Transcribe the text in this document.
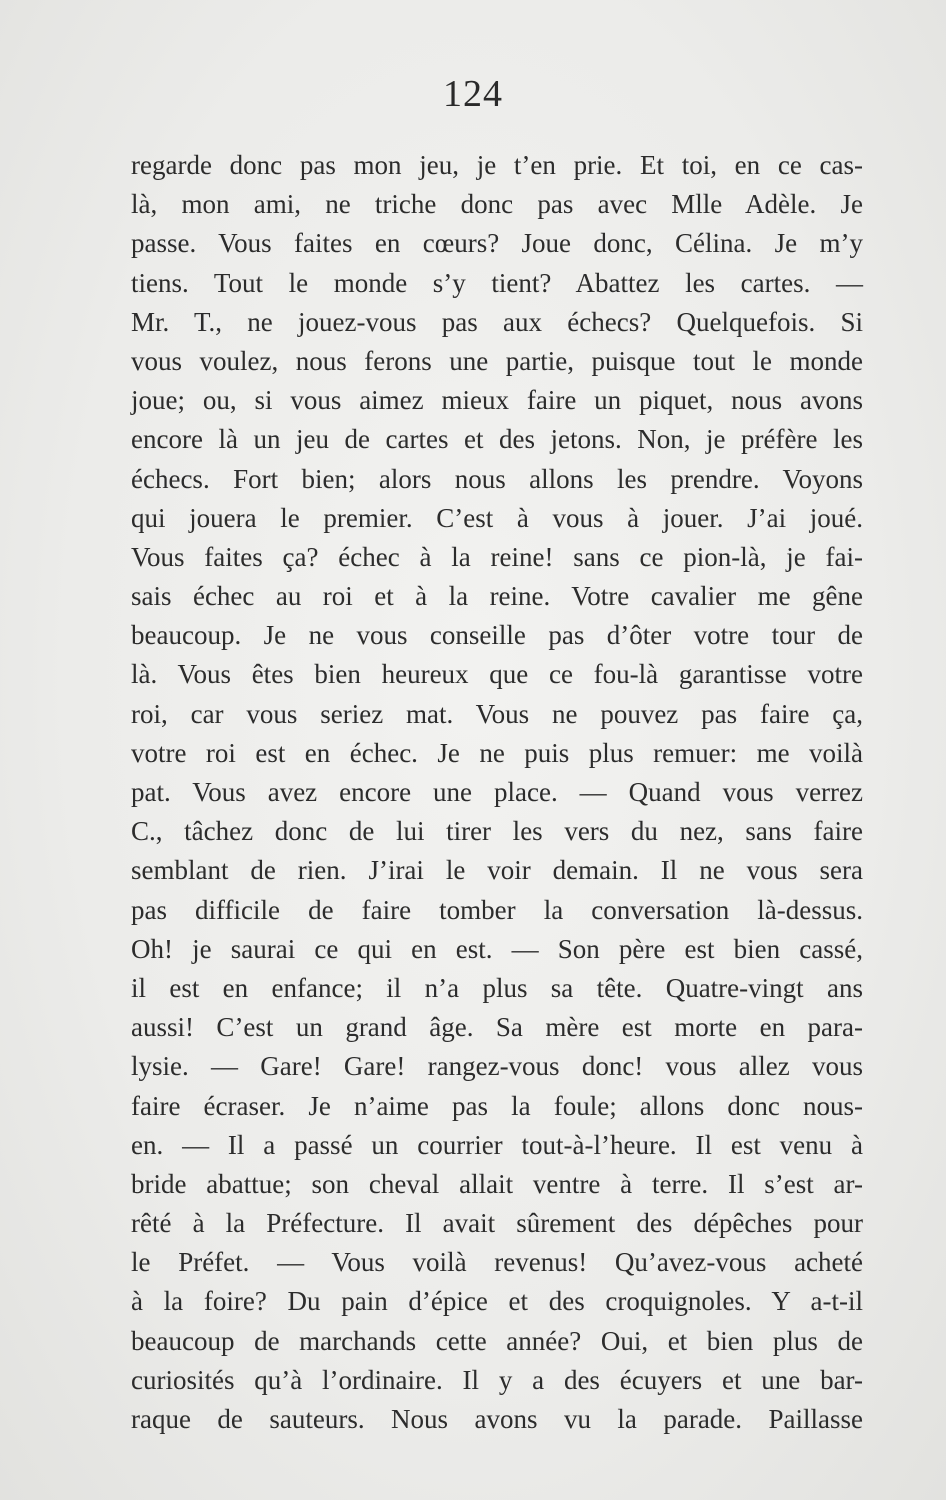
124
regarde donc pas mon jeu, je t’en prie. Et toi, en ce cas-
là, mon ami, ne triche donc pas avec Mlle Adèle. Je
passe. Vous faites en cœurs? Joue donc, Célina. Je m’y
tiens. Tout le monde s’y tient? Abattez les cartes. —
Mr. T., ne jouez-vous pas aux échecs? Quelquefois. Si
vous voulez, nous ferons une partie, puisque tout le monde
joue; ou, si vous aimez mieux faire un piquet, nous avons
encore là un jeu de cartes et des jetons. Non, je préfère les
échecs. Fort bien; alors nous allons les prendre. Voyons
qui jouera le premier. C’est à vous à jouer. J’ai joué.
Vous faites ça? échec à la reine! sans ce pion-là, je fai-
sais échec au roi et à la reine. Votre cavalier me gêne
beaucoup. Je ne vous conseille pas d’ôter votre tour de
là. Vous êtes bien heureux que ce fou-là garantisse votre
roi, car vous seriez mat. Vous ne pouvez pas faire ça,
votre roi est en échec. Je ne puis plus remuer: me voilà
pat. Vous avez encore une place. — Quand vous verrez
C., tâchez donc de lui tirer les vers du nez, sans faire
semblant de rien. J’irai le voir demain. Il ne vous sera
pas difficile de faire tomber la conversation là-dessus.
Oh! je saurai ce qui en est. — Son père est bien cassé,
il est en enfance; il n’a plus sa tête. Quatre-vingt ans
aussi! C’est un grand âge. Sa mère est morte en para-
lysie. — Gare! Gare! rangez-vous donc! vous allez vous
faire écraser. Je n’aime pas la foule; allons donc nous-
en. — Il a passé un courrier tout-à-l’heure. Il est venu à
bride abattue; son cheval allait ventre à terre. Il s’est ar-
rêté à la Préfecture. Il avait sûrement des dépêches pour
le Préfet. — Vous voilà revenus! Qu’avez-vous acheté
à la foire? Du pain d’épice et des croquignoles. Y a-t-il
beaucoup de marchands cette année? Oui, et bien plus de
curiosités qu’à l’ordinaire. Il y a des écuyers et une bar-
raque de sauteurs. Nous avons vu la parade. Paillasse
